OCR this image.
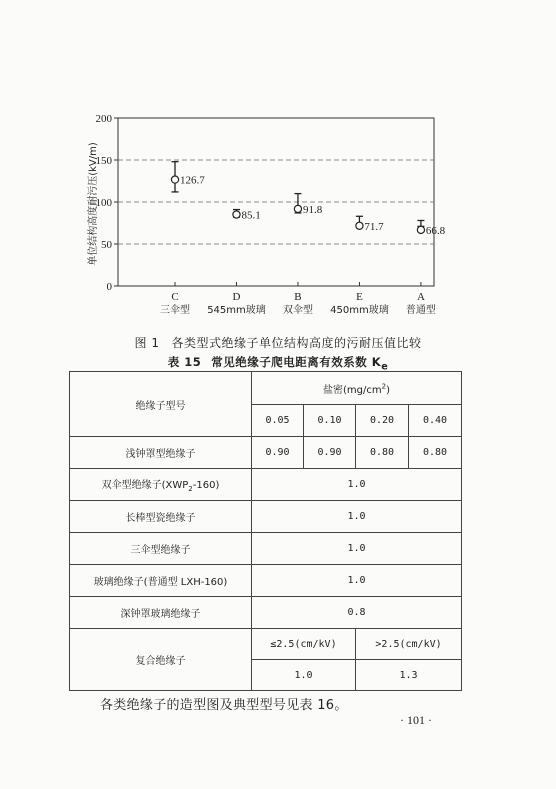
0
50
100
150
200
C
三伞型
D
545mm玻璃
B
双伞型
E
450mm玻璃
A
普通型
126.7
85.1	91.8
71.7	66.8
单位结构高度耐污压(kV/m)
图 1 各类型式绝缘子单位结构高度的污耐压值比较
表 15 常见绝缘子爬电距离有效系数 $K_e$
绝缘子型号	盐密$(mg/cm^2)$			
	0.05	0.10	0.20	0.40
浅钟罩型绝缘子	0.90	0.90	0.80	0.80
双伞型绝缘子$(XWP_2-160)$	1.0			
长棒型瓷绝缘子	1.0			
三伞型绝缘子	1.0			
玻璃绝缘子(普通型 LXH-160)	1.0			
深钟罩玻璃绝缘子	0.8			
复合绝缘子	≤2.5(cm/kV)		>2.5(cm/kV)	
	1.0		1.3	
各类绝缘子的造型图及典型型号见表 16。
· 101 ·
